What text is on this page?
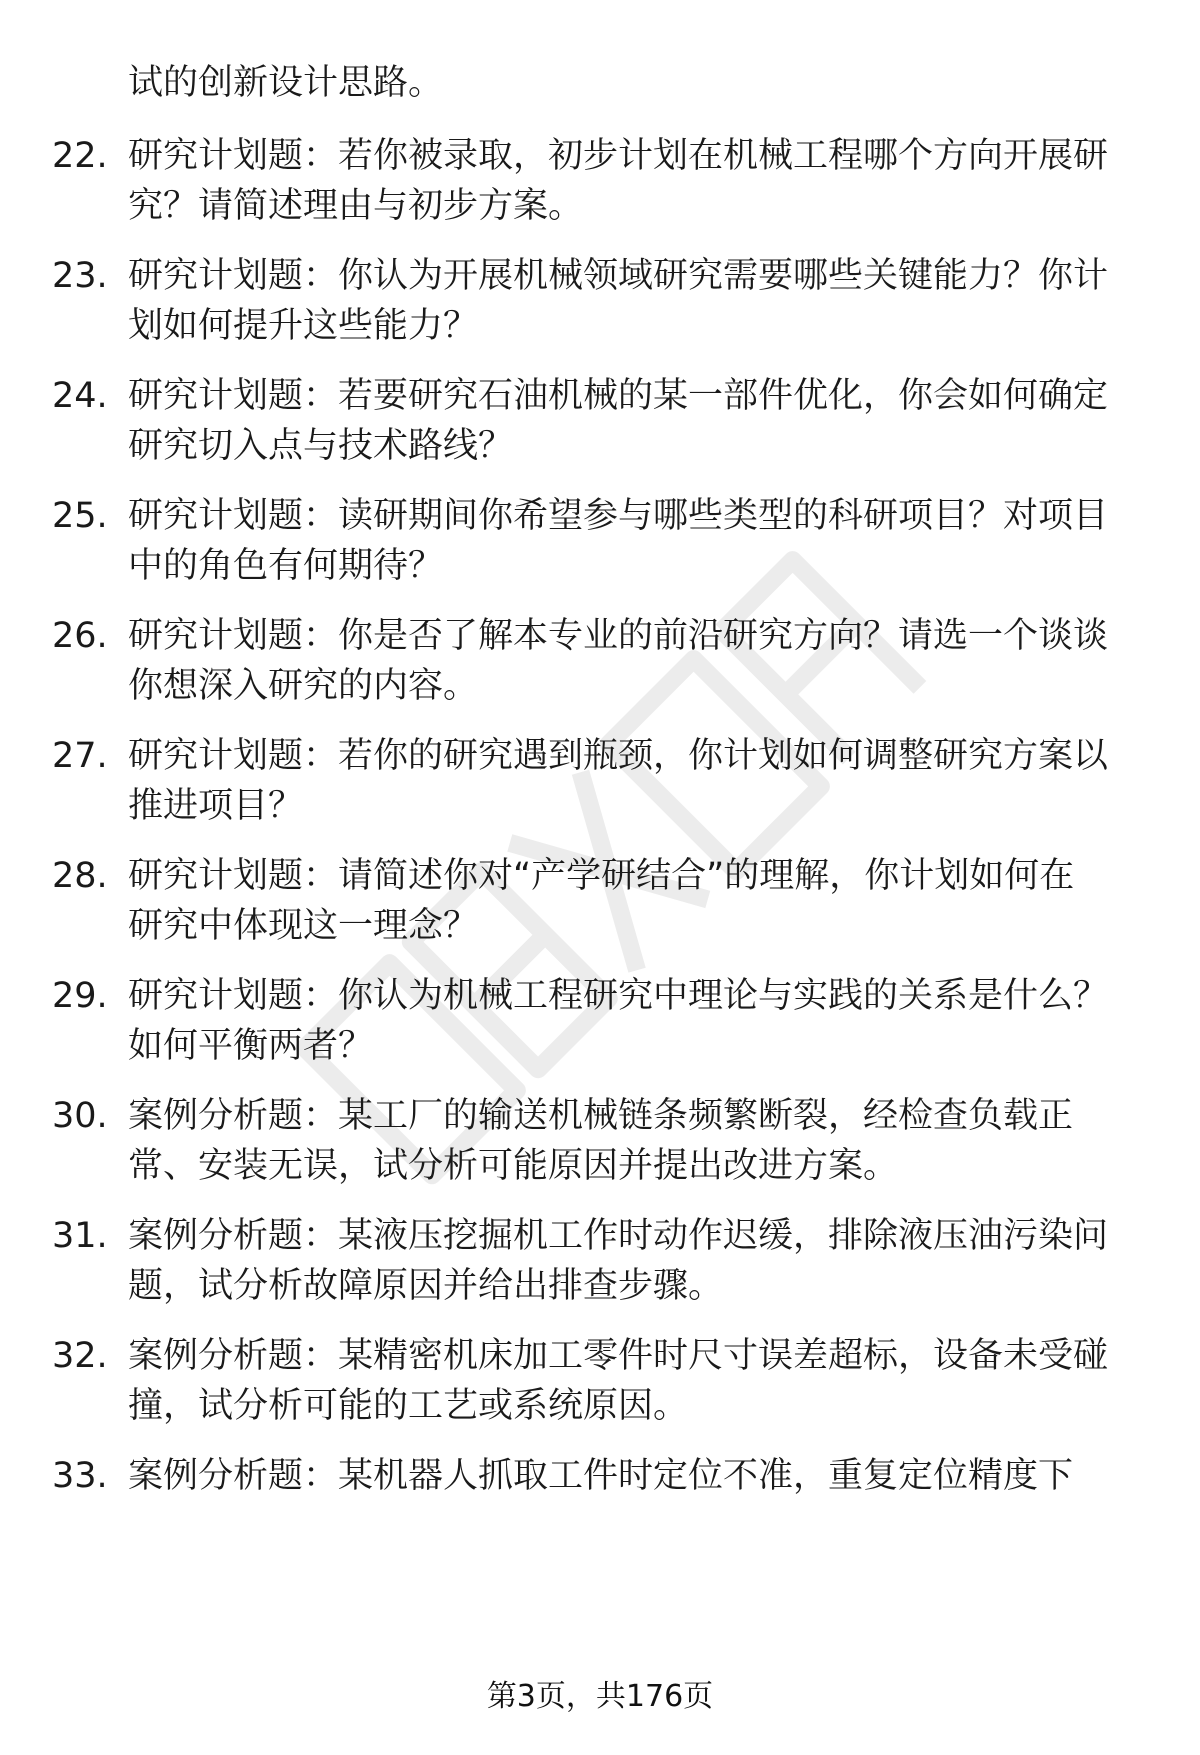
试的创新设计思路。
22. 研究计划题：若你被录取，初步计划在机械工程哪个方向开展研
究？请简述理由与初步方案。
23. 研究计划题：你认为开展机械领域研究需要哪些关键能力？你计
划如何提升这些能力？
24. 研究计划题：若要研究石油机械的某一部件优化，你会如何确定
研究切入点与技术路线？
25. 研究计划题：读研期间你希望参与哪些类型的科研项目？对项目
中的角色有何期待？
26. 研究计划题：你是否了解本专业的前沿研究方向？请选一个谈谈
你想深入研究的内容。
27. 研究计划题：若你的研究遇到瓶颈，你计划如何调整研究方案以
推进项目？
28. 研究计划题：请简述你对“产学研结合”的理解，你计划如何在
研究中体现这一理念？
29. 研究计划题：你认为机械工程研究中理论与实践的关系是什么？
如何平衡两者？
30. 案例分析题：某工厂的输送机械链条频繁断裂，经检查负载正
常、安装无误，试分析可能原因并提出改进方案。
31. 案例分析题：某液压挖掘机工作时动作迟缓，排除液压油污染问
题，试分析故障原因并给出排查步骤。
32. 案例分析题：某精密机床加工零件时尺寸误差超标，设备未受碰
撞，试分析可能的工艺或系统原因。
33. 案例分析题：某机器人抓取工件时定位不准，重复定位精度下
第3页，共176页
